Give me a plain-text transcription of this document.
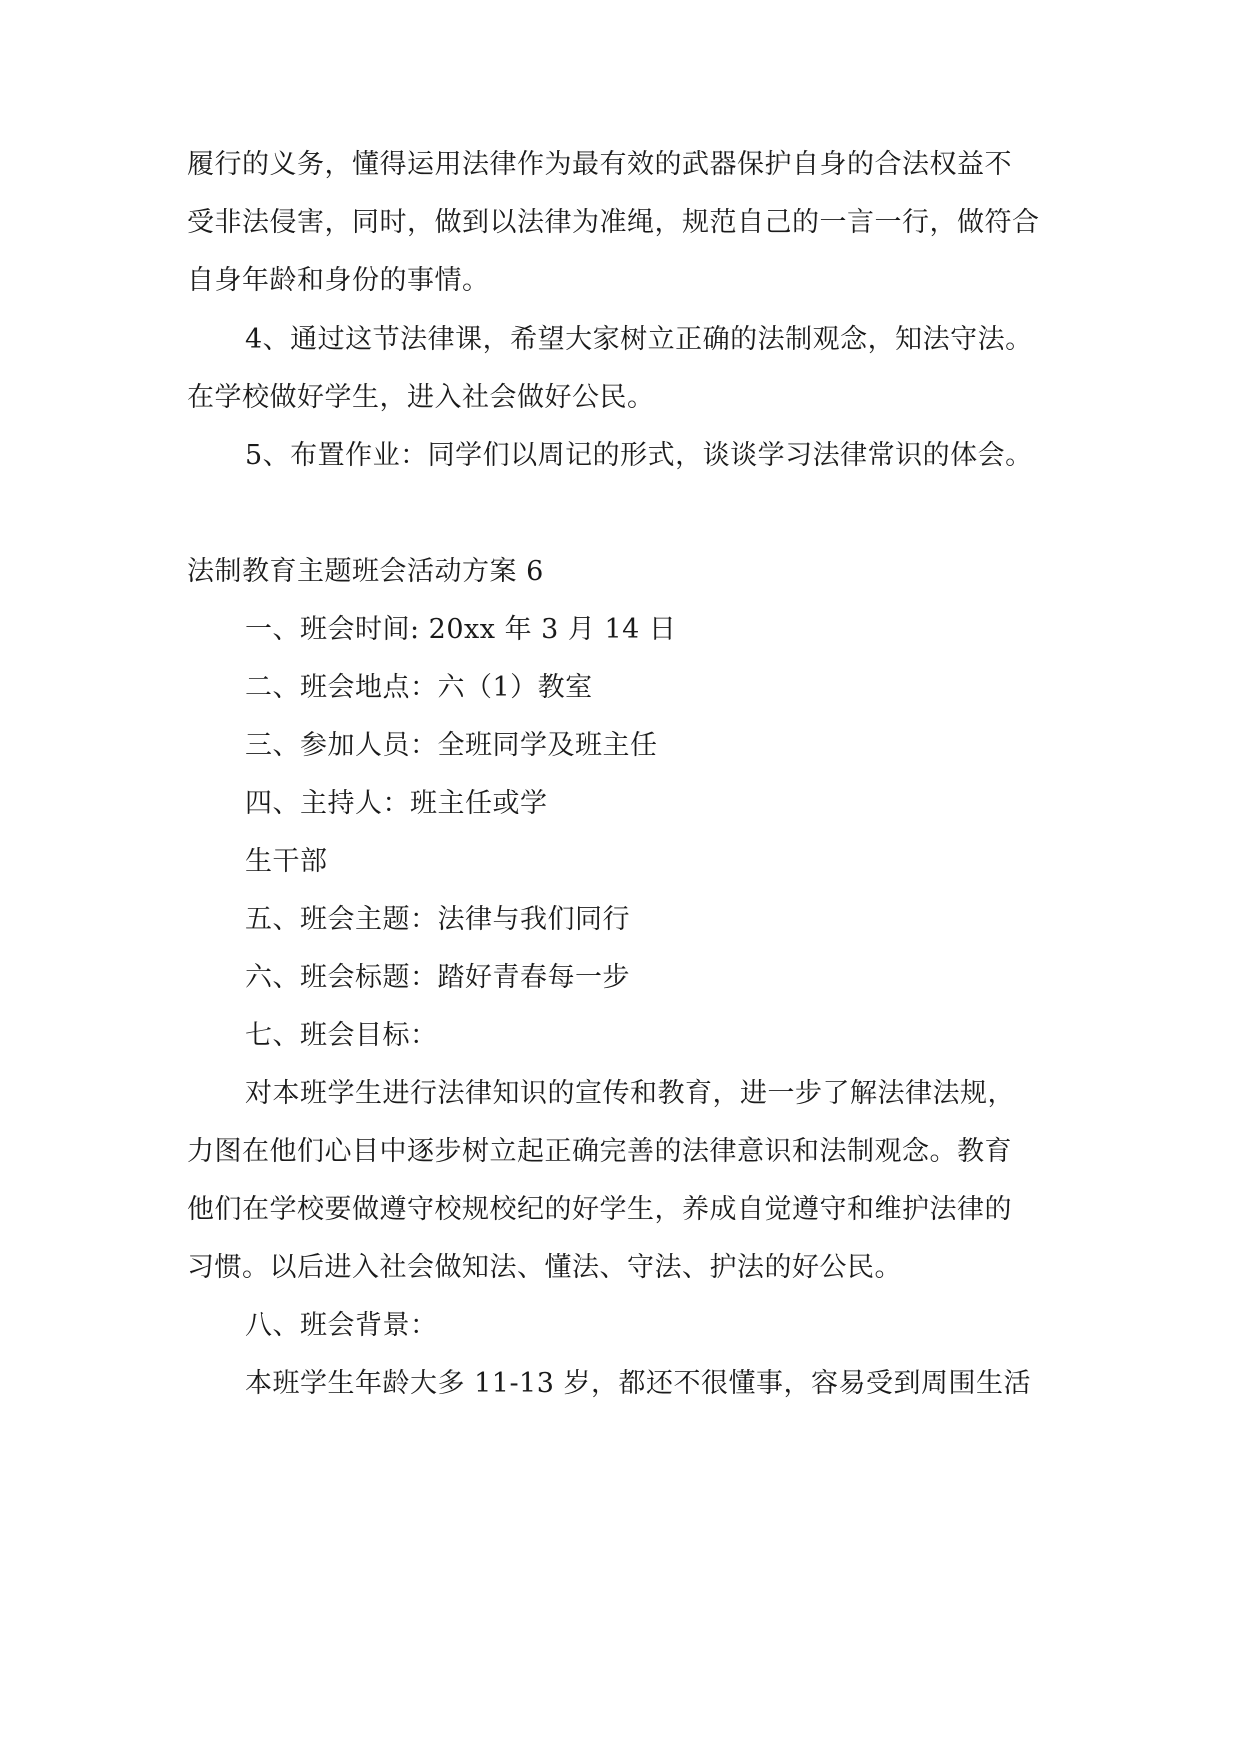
履行的义务，懂得运用法律作为最有效的武器保护自身的合法权益不
受非法侵害，同时，做到以法律为准绳，规范自己的一言一行，做符合
自身年龄和身份的事情。
4、通过这节法律课，希望大家树立正确的法制观念，知法守法。
在学校做好学生，进入社会做好公民。
5、布置作业：同学们以周记的形式，谈谈学习法律常识的体会。
法制教育主题班会活动方案 6
一、班会时间: 20xx 年 3 月 14 日
二、班会地点：六（1）教室
三、参加人员：全班同学及班主任
四、主持人：班主任或学
生干部
五、班会主题：法律与我们同行
六、班会标题：踏好青春每一步
七、班会目标：
对本班学生进行法律知识的宣传和教育，进一步了解法律法规，
力图在他们心目中逐步树立起正确完善的法律意识和法制观念。教育
他们在学校要做遵守校规校纪的好学生，养成自觉遵守和维护法律的
习惯。以后进入社会做知法、懂法、守法、护法的好公民。
八、班会背景：
本班学生年龄大多 11-13 岁，都还不很懂事，容易受到周围生活
